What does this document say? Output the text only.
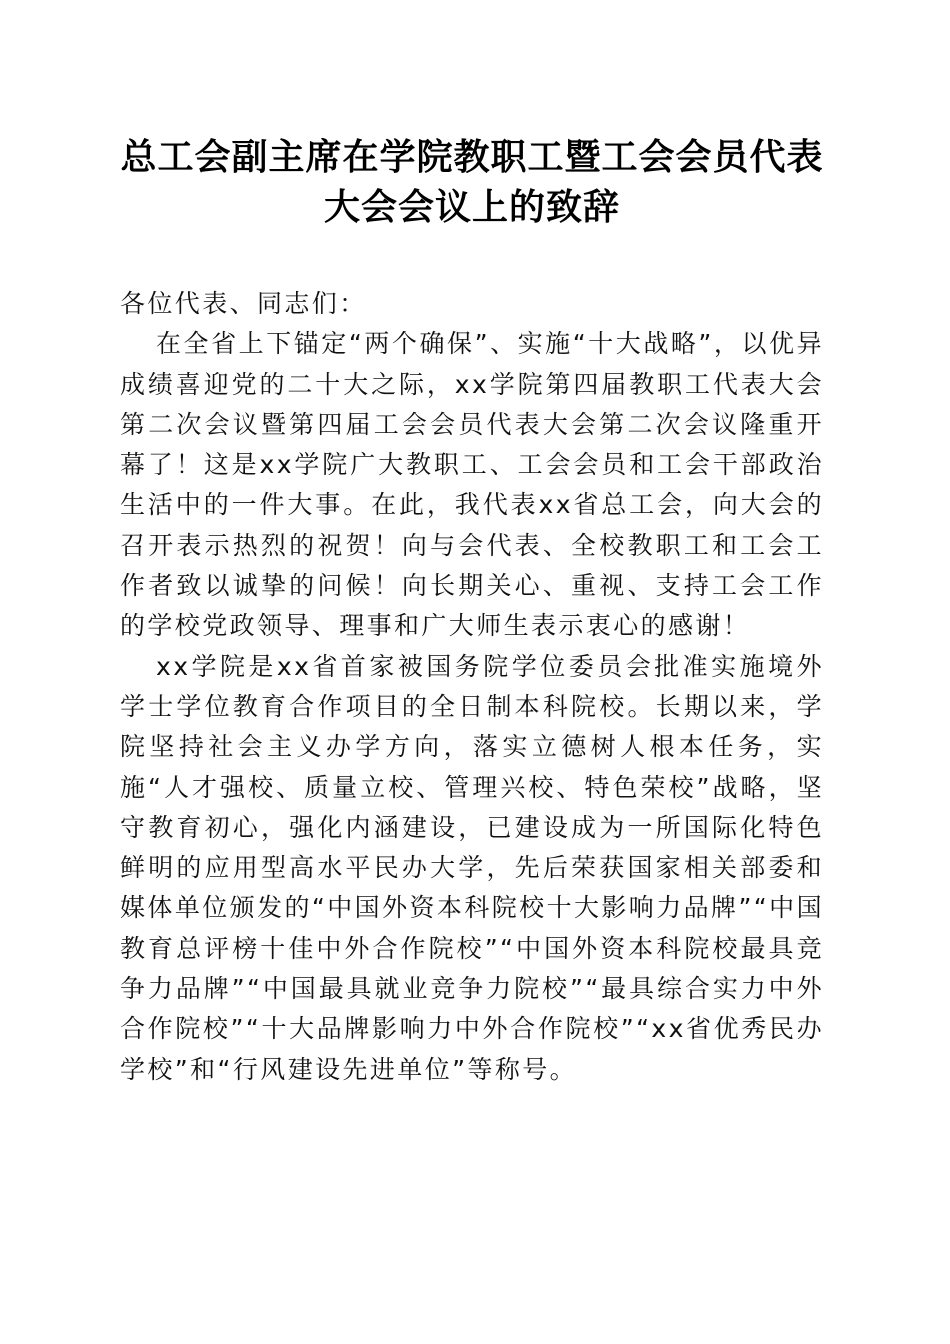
总工会副主席在学院教职工暨工会会员代表大会会议上的致辞

各位代表、同志们：

在全省上下锚定“两个确保”、实施“十大战略”，以优异成绩喜迎党的二十大之际，xx学院第四届教职工代表大会第二次会议暨第四届工会会员代表大会第二次会议隆重开幕了！这是xx学院广大教职工、工会会员和工会干部政治生活中的一件大事。在此，我代表xx省总工会，向大会的召开表示热烈的祝贺！向与会代表、全校教职工和工会工作者致以诚挚的问候！向长期关心、重视、支持工会工作的学校党政领导、理事和广大师生表示衷心的感谢！

xx学院是xx省首家被国务院学位委员会批准实施境外学士学位教育合作项目的全日制本科院校。长期以来，学院坚持社会主义办学方向，落实立德树人根本任务，实施“人才强校、质量立校、管理兴校、特色荣校”战略，坚守教育初心，强化内涵建设，已建设成为一所国际化特色鲜明的应用型高水平民办大学，先后荣获国家相关部委和媒体单位颁发的“中国外资本科院校十大影响力品牌”“中国教育总评榜十佳中外合作院校”“中国外资本科院校最具竞争力品牌”“中国最具就业竞争力院校”“最具综合实力中外合作院校”“十大品牌影响力中外合作院校”“xx省优秀民办学校”和“行风建设先进单位”等称号。
